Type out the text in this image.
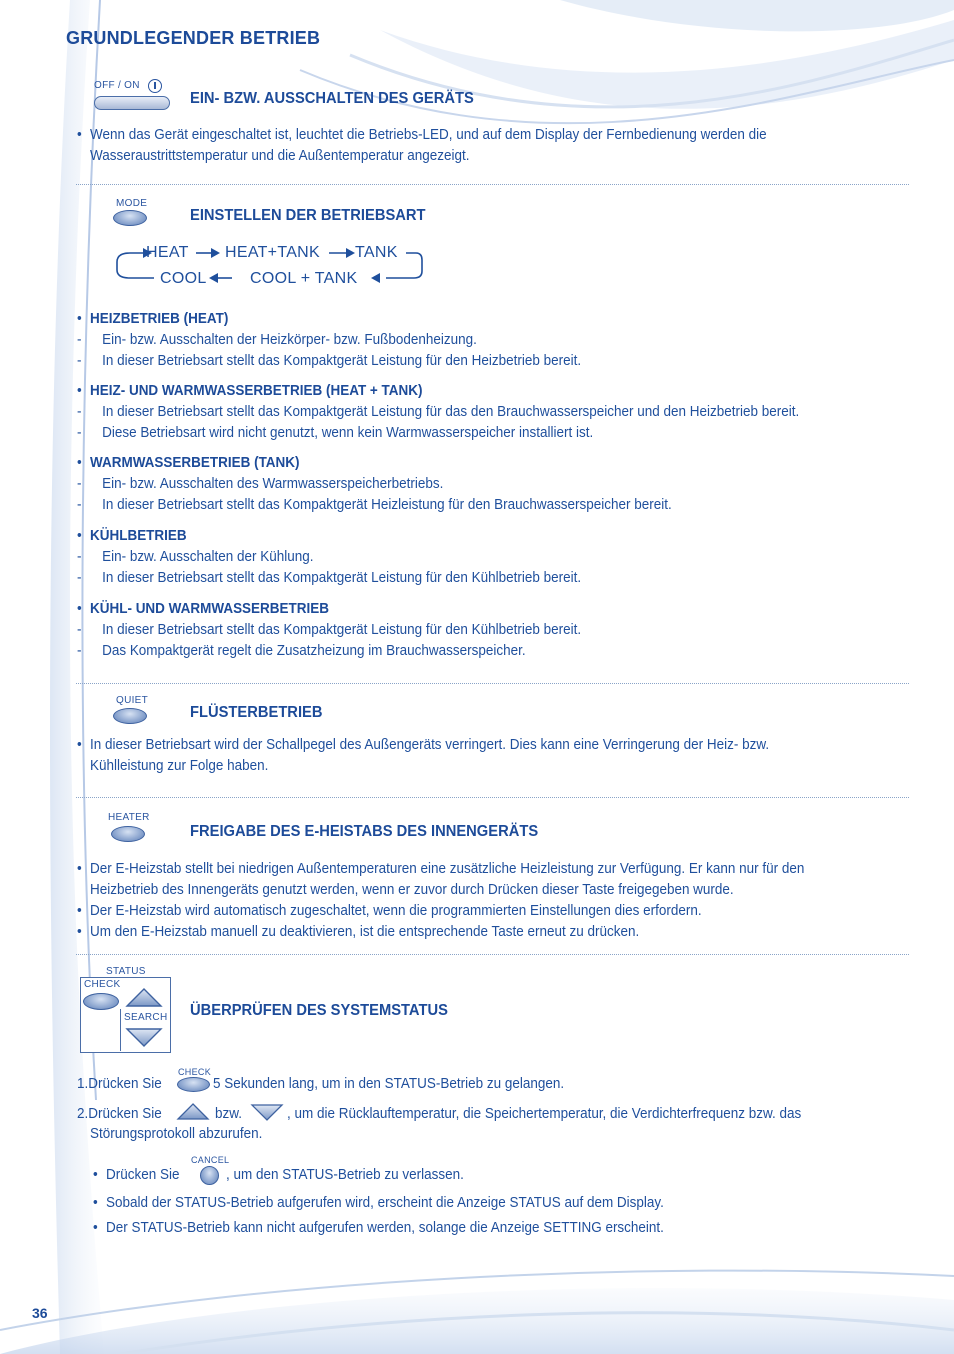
GRUNDLEGENDER BETRIEB
OFF / ON
EIN- BZW. AUSSCHALTEN DES GERÄTS
• Wenn das Gerät eingeschaltet ist, leuchtet die Betriebs-LED, und auf dem Display der Fernbedienung werden die
Wasseraustrittstemperatur und die Außentemperatur angezeigt.
MODE
EINSTELLEN DER BETRIEBSART
HEAT HEAT+TANK TANK
COOL	COOL + TANK
• HEIZBETRIEB (HEAT)
- Ein- bzw. Ausschalten der Heizkörper- bzw. Fußbodenheizung.
- In dieser Betriebsart stellt das Kompaktgerät Leistung für den Heizbetrieb bereit.
• HEIZ- UND WARMWASSERBETRIEB (HEAT + TANK)
- In dieser Betriebsart stellt das Kompaktgerät Leistung für das den Brauchwasserspeicher und den Heizbetrieb bereit.
- Diese Betriebsart wird nicht genutzt, wenn kein Warmwasserspeicher installiert ist.
• WARMWASSERBETRIEB (TANK)
- Ein- bzw. Ausschalten des Warmwasserspeicherbetriebs.
- In dieser Betriebsart stellt das Kompaktgerät Heizleistung für den Brauchwasserspeicher bereit.
• KÜHLBETRIEB
- Ein- bzw. Ausschalten der Kühlung.
- In dieser Betriebsart stellt das Kompaktgerät Leistung für den Kühlbetrieb bereit.
• KÜHL- UND WARMWASSERBETRIEB
- In dieser Betriebsart stellt das Kompaktgerät Leistung für den Kühlbetrieb bereit.
- Das Kompaktgerät regelt die Zusatzheizung im Brauchwasserspeicher.
QUIET
FLÜSTERBETRIEB
• In dieser Betriebsart wird der Schallpegel des Außengeräts verringert. Dies kann eine Verringerung der Heiz- bzw.
Kühlleistung zur Folge haben.
HEATER
FREIGABE DES E-HEISTABS DES INNENGERÄTS
• Der E-Heizstab stellt bei niedrigen Außentemperaturen eine zusätzliche Heizleistung zur Verfügung. Er kann nur für den
Heizbetrieb des Innengeräts genutzt werden, wenn er zuvor durch Drücken dieser Taste freigegeben wurde.
• Der E-Heizstab wird automatisch zugeschaltet, wenn die programmierten Einstellungen dies erfordern.
• Um den E-Heizstab manuell zu deaktivieren, ist die entsprechende Taste erneut zu drücken.
STATUS
CHECK
SEARCH ÜBERPRÜFEN DES SYSTEMSTATUS
1.Drücken Sie
CHECK
5 Sekunden lang, um in den STATUS-Betrieb zu gelangen.
2.Drücken Sie	bzw.	, um die Rücklauftemperatur, die Speichertemperatur, die Verdichterfrequenz bzw. das
Störungsprotokoll abzurufen.
• Drücken Sie
CANCEL
, um den STATUS-Betrieb zu verlassen.
• Sobald der STATUS-Betrieb aufgerufen wird, erscheint die Anzeige STATUS auf dem Display.
• Der STATUS-Betrieb kann nicht aufgerufen werden, solange die Anzeige SETTING erscheint.
36
